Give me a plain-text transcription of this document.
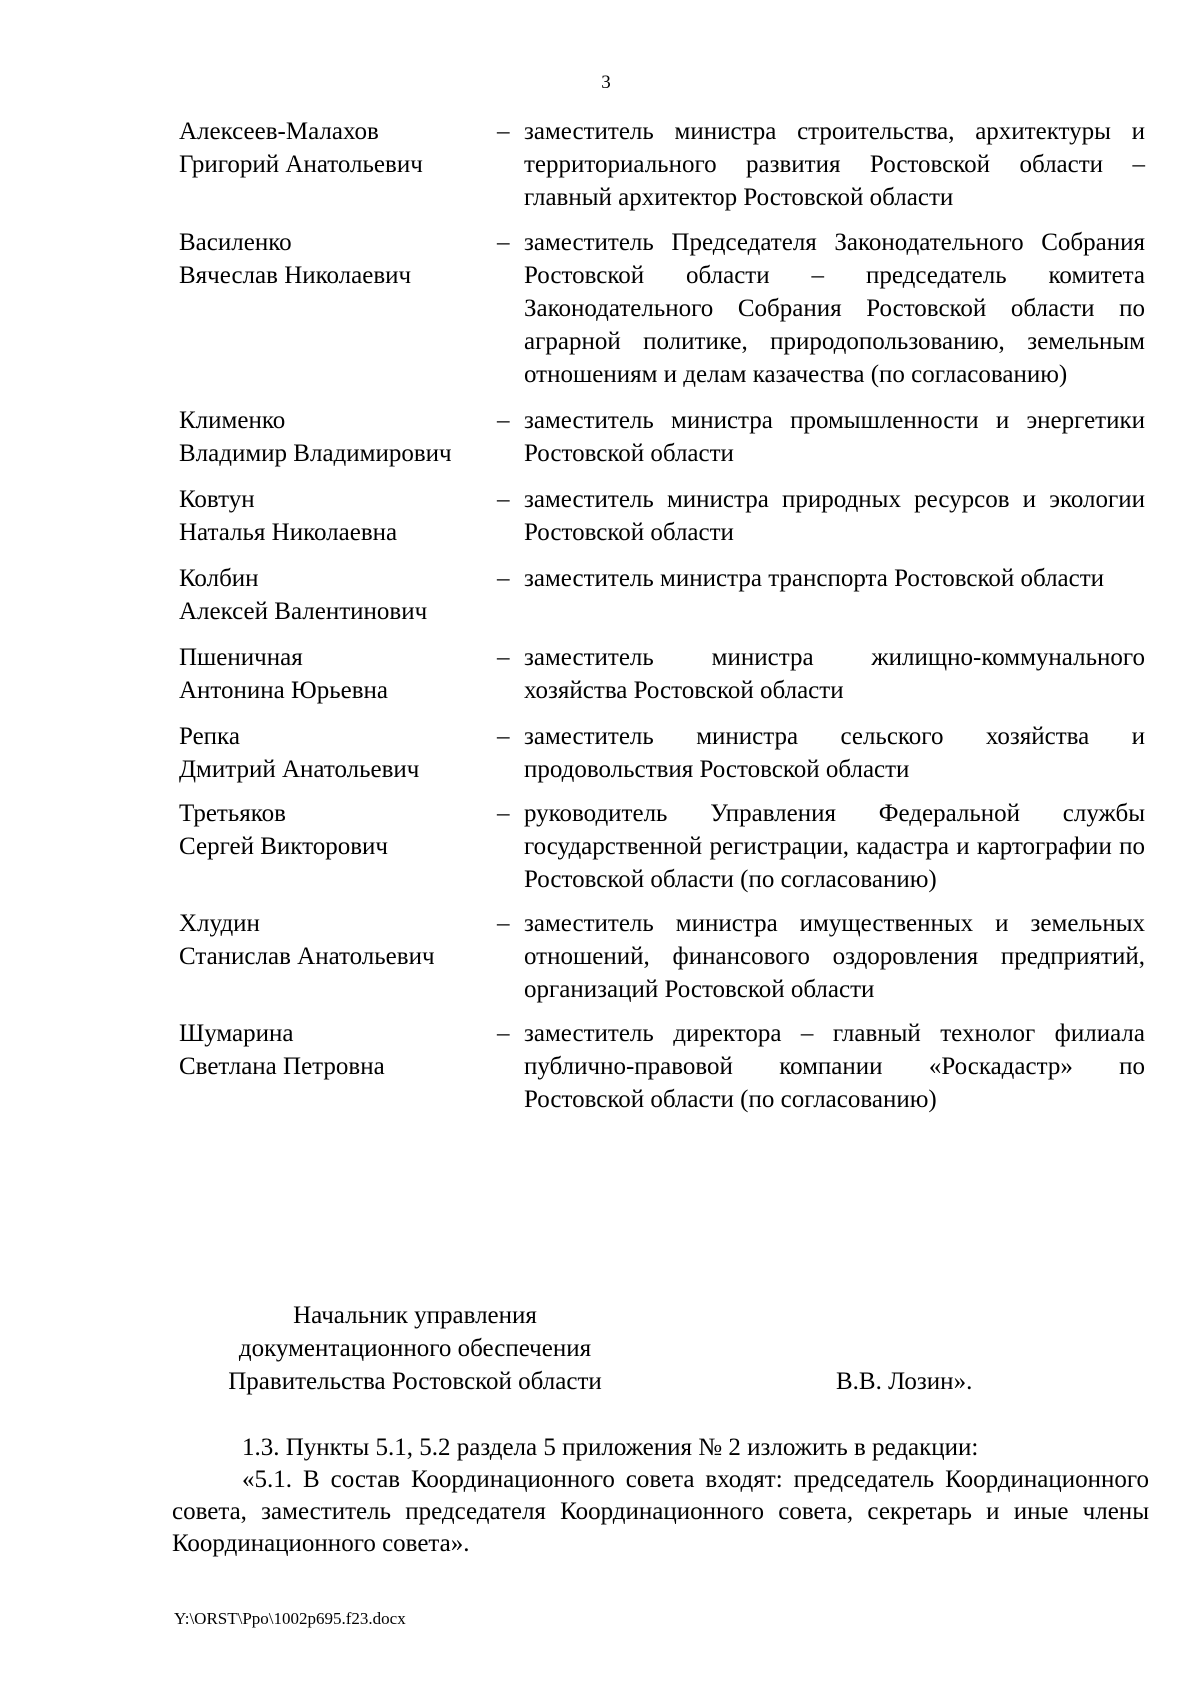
3
Алексеев-Малахов
Григорий Анатольевич
– заместитель министра строительства, архитектуры и территориального развития Ростовской области – главный архитектор Ростовской области
Василенко
Вячеслав Николаевич
– заместитель Председателя Законодательного Собрания Ростовской области – председатель комитета Законодательного Собрания Ростовской области по аграрной политике, природопользованию, земельным отношениям и делам казачества (по согласованию)
Клименко
Владимир Владимирович
– заместитель министра промышленности и энергетики Ростовской области
Ковтун
Наталья Николаевна
– заместитель министра природных ресурсов и экологии Ростовской области
Колбин
Алексей Валентинович
– заместитель министра транспорта Ростовской области
Пшеничная
Антонина Юрьевна
– заместитель министра жилищно-коммунального хозяйства Ростовской области
Репка
Дмитрий Анатольевич
– заместитель министра сельского хозяйства и продовольствия Ростовской области
Третьяков
Сергей Викторович
– руководитель Управления Федеральной службы государственной регистрации, кадастра и картографии по Ростовской области (по согласованию)
Хлудин
Станислав Анатольевич
– заместитель министра имущественных и земельных отношений, финансового оздоровления предприятий, организаций Ростовской области
Шумарина
Светлана Петровна
– заместитель директора – главный технолог филиала публично-правовой компании «Роскадастр» по Ростовской области (по согласованию)
Начальник управления
документационного обеспечения
Правительства Ростовской области	В.В. Лозин».

1.3. Пункты 5.1, 5.2 раздела 5 приложения № 2 изложить в редакции:

«5.1. В состав Координационного совета входят: председатель Координационного совета, заместитель председателя Координационного совета, секретарь и иные члены Координационного совета».

Y:\ORST\Ppo\1002p695.f23.docx
